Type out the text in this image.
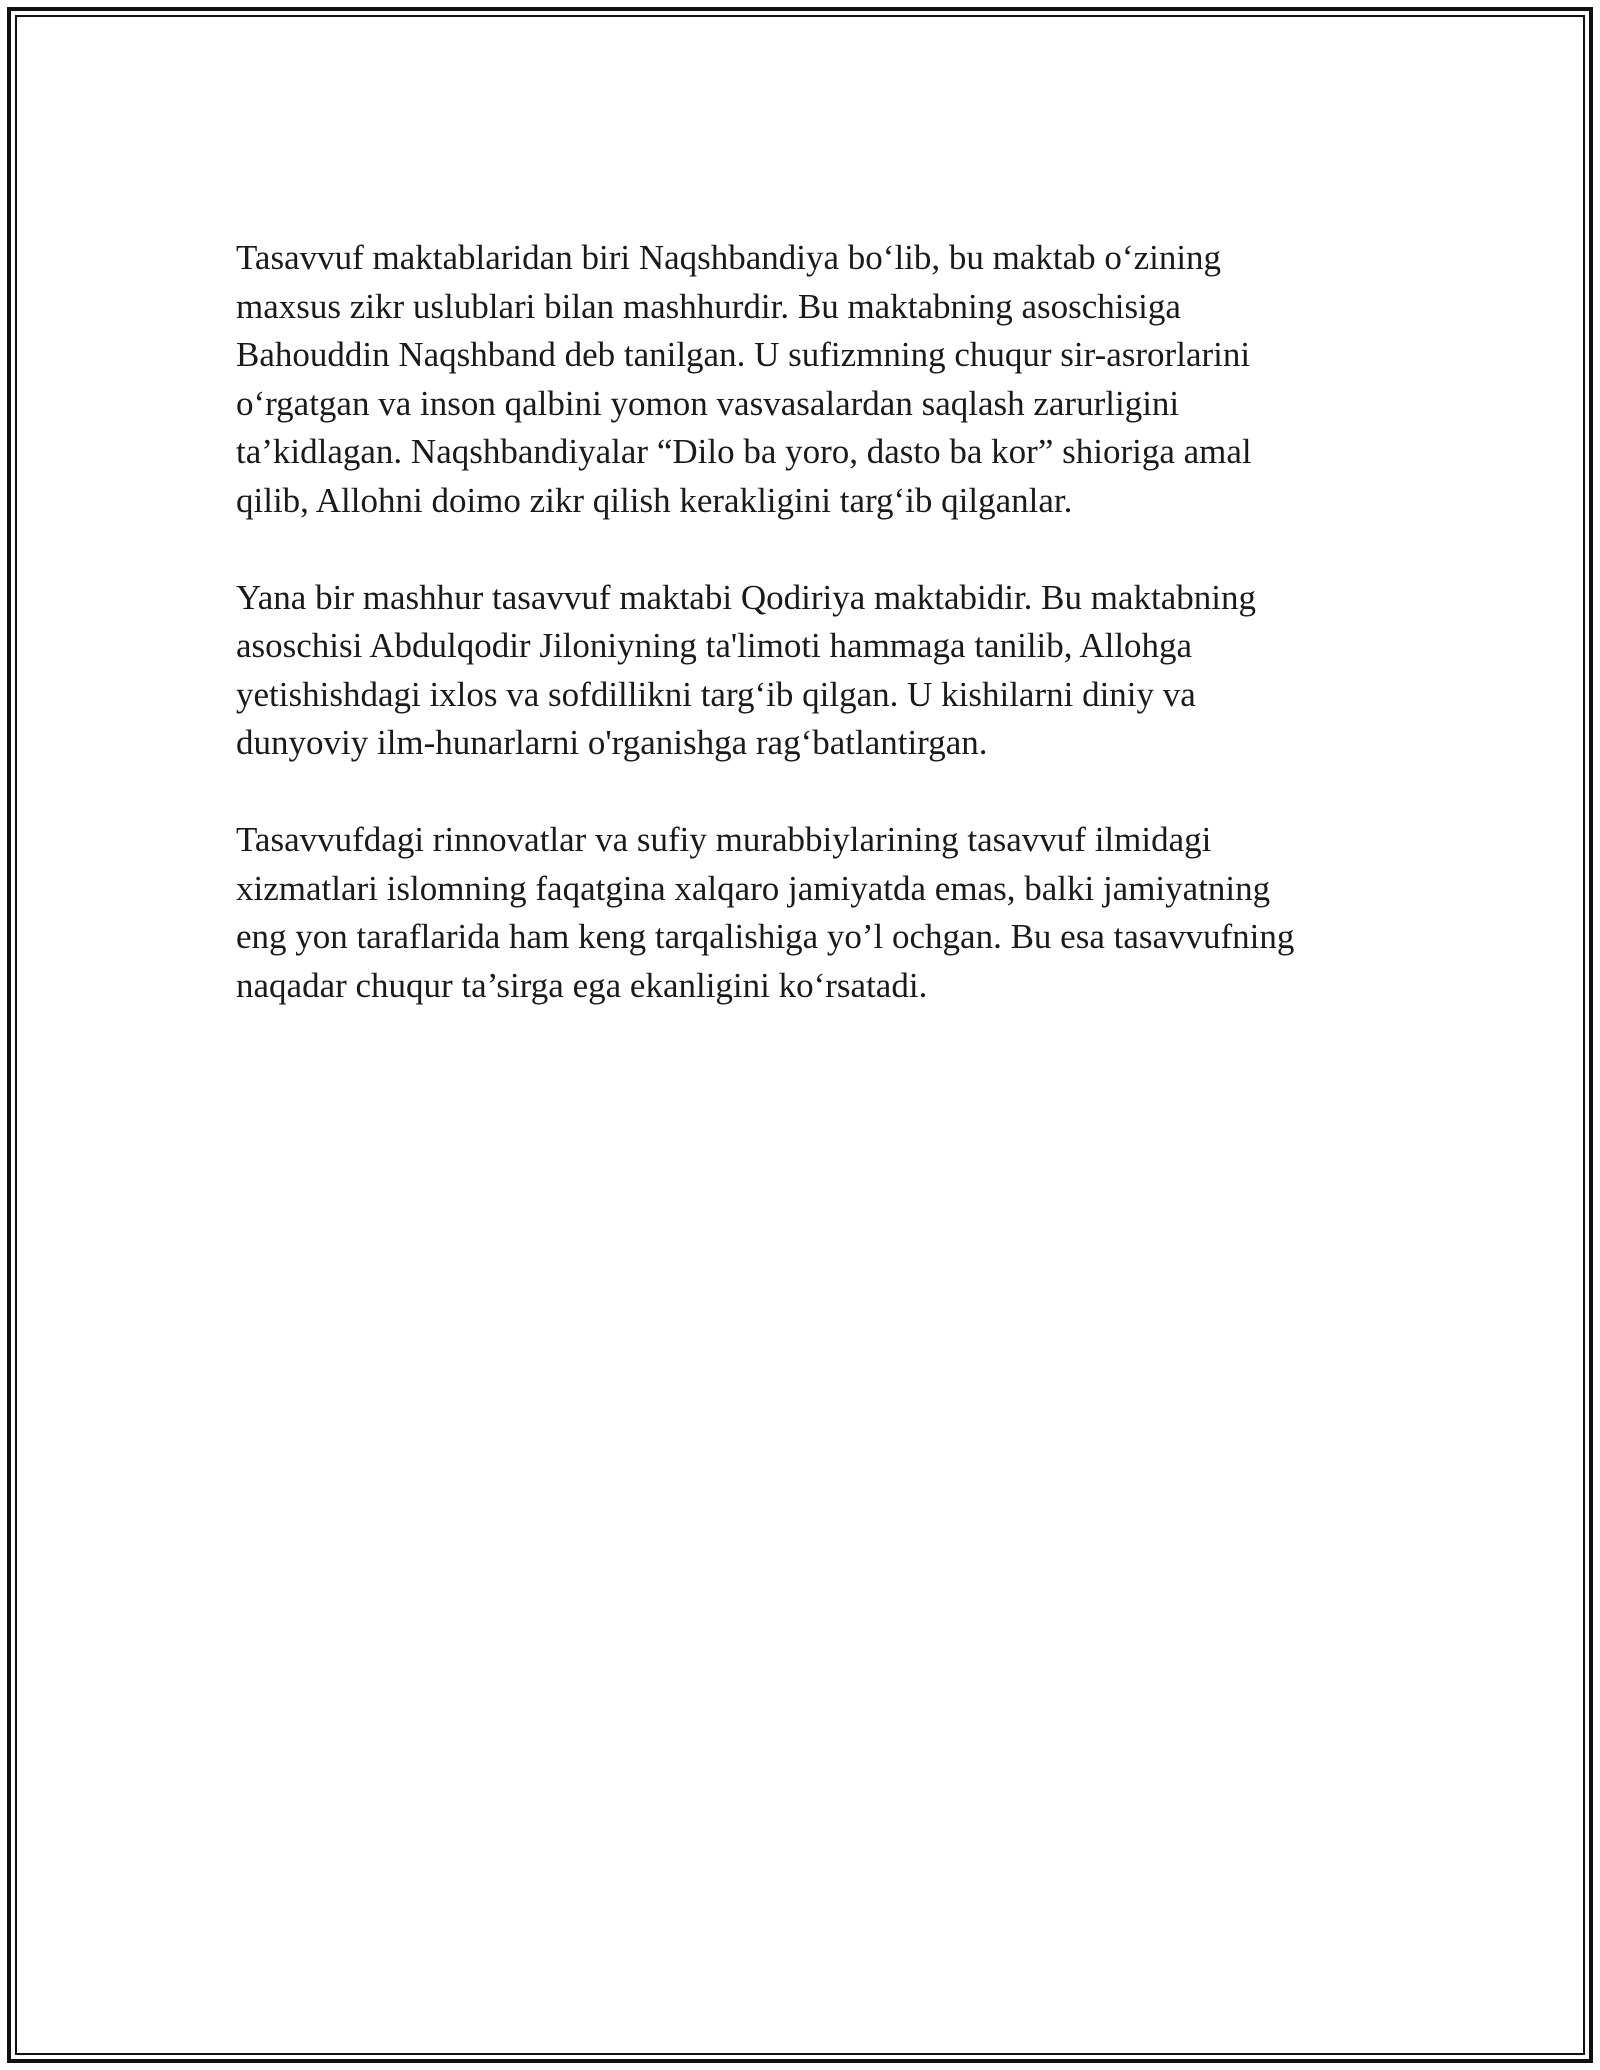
Tasavvuf maktablaridan biri Naqshbandiya bo‘lib, bu maktab o‘zining
maxsus zikr uslublari bilan mashhurdir. Bu maktabning asoschisiga
Bahouddin Naqshband deb tanilgan. U sufizmning chuqur sir-asrorlarini
o‘rgatgan va inson qalbini yomon vasvasalardan saqlash zarurligini
ta’kidlagan. Naqshbandiyalar “Dilo ba yoro, dasto ba kor” shioriga amal
qilib, Allohni doimo zikr qilish kerakligini targ‘ib qilganlar.

Yana bir mashhur tasavvuf maktabi Qodiriya maktabidir. Bu maktabning
asoschisi Abdulqodir Jiloniyning ta'limoti hammaga tanilib, Allohga
yetishishdagi ixlos va sofdillikni targ‘ib qilgan. U kishilarni diniy va
dunyoviy ilm-hunarlarni o'rganishga rag‘batlantirgan.

Tasavvufdagi rinnovatlar va sufiy murabbiylarining tasavvuf ilmidagi
xizmatlari islomning faqatgina xalqaro jamiyatda emas, balki jamiyatning
eng yon taraflarida ham keng tarqalishiga yo’l ochgan. Bu esa tasavvufning
naqadar chuqur ta’sirga ega ekanligini ko‘rsatadi.
